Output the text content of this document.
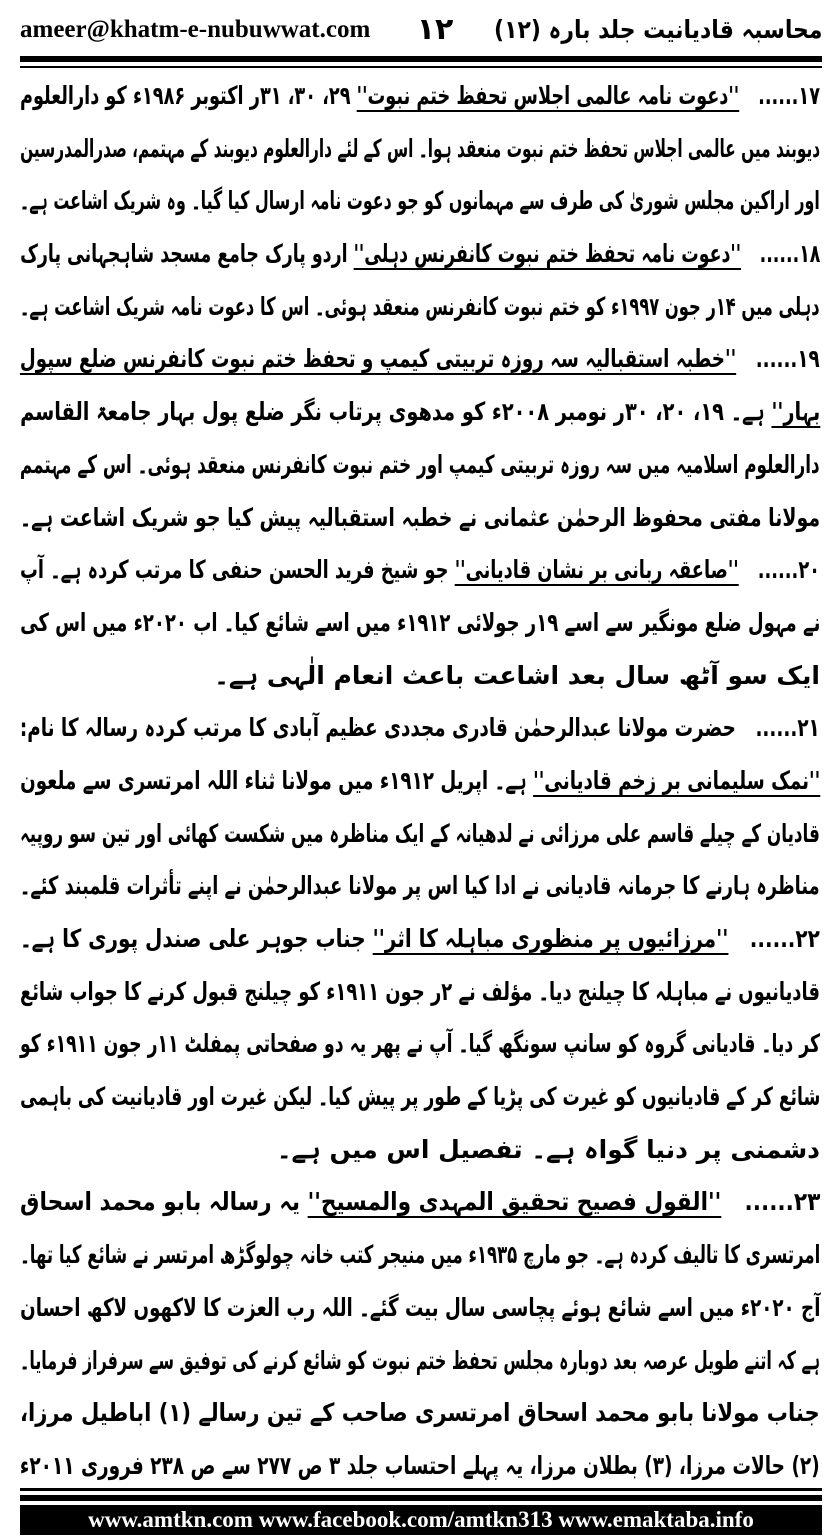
ameer@khatm-e-nubuwwat.com	۱۲	محاسبہ قادیانیت جلد بارہ (۱۲)
۱۷...... ''دعوت نامہ عالمی اجلاس تحفظ ختم نبوت'' ۲۹، ۳۰، ۳۱ر اکتوبر ۱۹۸۶ء کو دارالعلوم
دیوبند میں عالمی اجلاس تحفظ ختم نبوت منعقد ہوا۔ اس کے لئے دارالعلوم دیوبند کے مہتمم، صدرالمدرسین
اور اراکین مجلس شوریٰ کی طرف سے مہمانوں کو جو دعوت نامہ ارسال کیا گیا۔ وہ شریک اشاعت ہے۔
۱۸...... ''دعوت نامہ تحفظ ختم نبوت کانفرنس دہلی'' اردو پارک جامع مسجد شاہجہانی پارک
دہلی میں ۱۴ر جون ۱۹۹۷ء کو ختم نبوت کانفرنس منعقد ہوئی۔ اس کا دعوت نامہ شریک اشاعت ہے۔
۱۹...... ''خطبہ استقبالیہ سہ روزہ تربیتی کیمپ و تحفظ ختم نبوت کانفرنس ضلع سپول
بہار'' ہے۔ ۱۹، ۲۰، ۳۰ر نومبر ۲۰۰۸ء کو مدھوی پرتاب نگر ضلع پول بہار جامعۃ القاسم
دارالعلوم اسلامیہ میں سہ روزہ تربیتی کیمپ اور ختم نبوت کانفرنس منعقد ہوئی۔ اس کے مہتمم
مولانا مفتی محفوظ الرحمٰن عثمانی نے خطبہ استقبالیہ پیش کیا جو شریک اشاعت ہے۔
۲۰...... ''صاعقہ ربانی بر نشان قادیانی'' جو شیخ فرید الحسن حنفی کا مرتب کردہ ہے۔ آپ
نے مہول ضلع مونگیر سے اسے ۱۹ر جولائی ۱۹۱۲ء میں اسے شائع کیا۔ اب ۲۰۲۰ء میں اس کی
ایک سو آٹھ سال بعد اشاعت باعث انعام الٰہی ہے۔
۲۱...... حضرت مولانا عبدالرحمٰن قادری مجددی عظیم آبادی کا مرتب کردہ رسالہ کا نام:
''نمک سلیمانی بر زخم قادیانی'' ہے۔ اپریل ۱۹۱۲ء میں مولانا ثناء اللہ امرتسری سے ملعون
قادیان کے چیلے قاسم علی مرزائی نے لدھیانہ کے ایک مناظرہ میں شکست کھائی اور تین سو روپیہ
مناظرہ ہارنے کا جرمانہ قادیانی نے ادا کیا اس پر مولانا عبدالرحمٰن نے اپنے تأثرات قلمبند کئے۔
۲۲...... ''مرزائیوں پر منظوری مباہلہ کا اثر'' جناب جوہر علی صندل پوری کا ہے۔
قادیانیوں نے مباہلہ کا چیلنج دیا۔ مؤلف نے ۲ر جون ۱۹۱۱ء کو چیلنج قبول کرنے کا جواب شائع
کر دیا۔ قادیانی گروہ کو سانپ سونگھ گیا۔ آپ نے پھر یہ دو صفحاتی پمفلٹ ۱۱ر جون ۱۹۱۱ء کو
شائع کر کے قادیانیوں کو غیرت کی پڑیا کے طور پر پیش کیا۔ لیکن غیرت اور قادیانیت کی باہمی
دشمنی پر دنیا گواہ ہے۔ تفصیل اس میں ہے۔
۲۳...... ''القول فصیح تحقیق المہدی والمسیح'' یہ رسالہ بابو محمد اسحاق
امرتسری کا تالیف کردہ ہے۔ جو مارچ ۱۹۳۵ء میں منیجر کتب خانہ چولوگڑھ امرتسر نے شائع کیا تھا۔
آج ۲۰۲۰ء میں اسے شائع ہوئے پچاسی سال بیت گئے۔ اللہ رب العزت کا لاکھوں لاکھ احسان
ہے کہ اتنے طویل عرصہ بعد دوبارہ مجلس تحفظ ختم نبوت کو شائع کرنے کی توفیق سے سرفراز فرمایا۔
جناب مولانا بابو محمد اسحاق امرتسری صاحب کے تین رسالے (۱) اباطیل مرزا،
(۲) حالات مرزا، (۳) بطلان مرزا، یہ پہلے احتساب جلد ۳ ص ۲۷۷ سے ص ۲۳۸ فروری ۲۰۱۱ء
www.amtkn.com www.facebook.com/amtkn313 www.emaktaba.info
